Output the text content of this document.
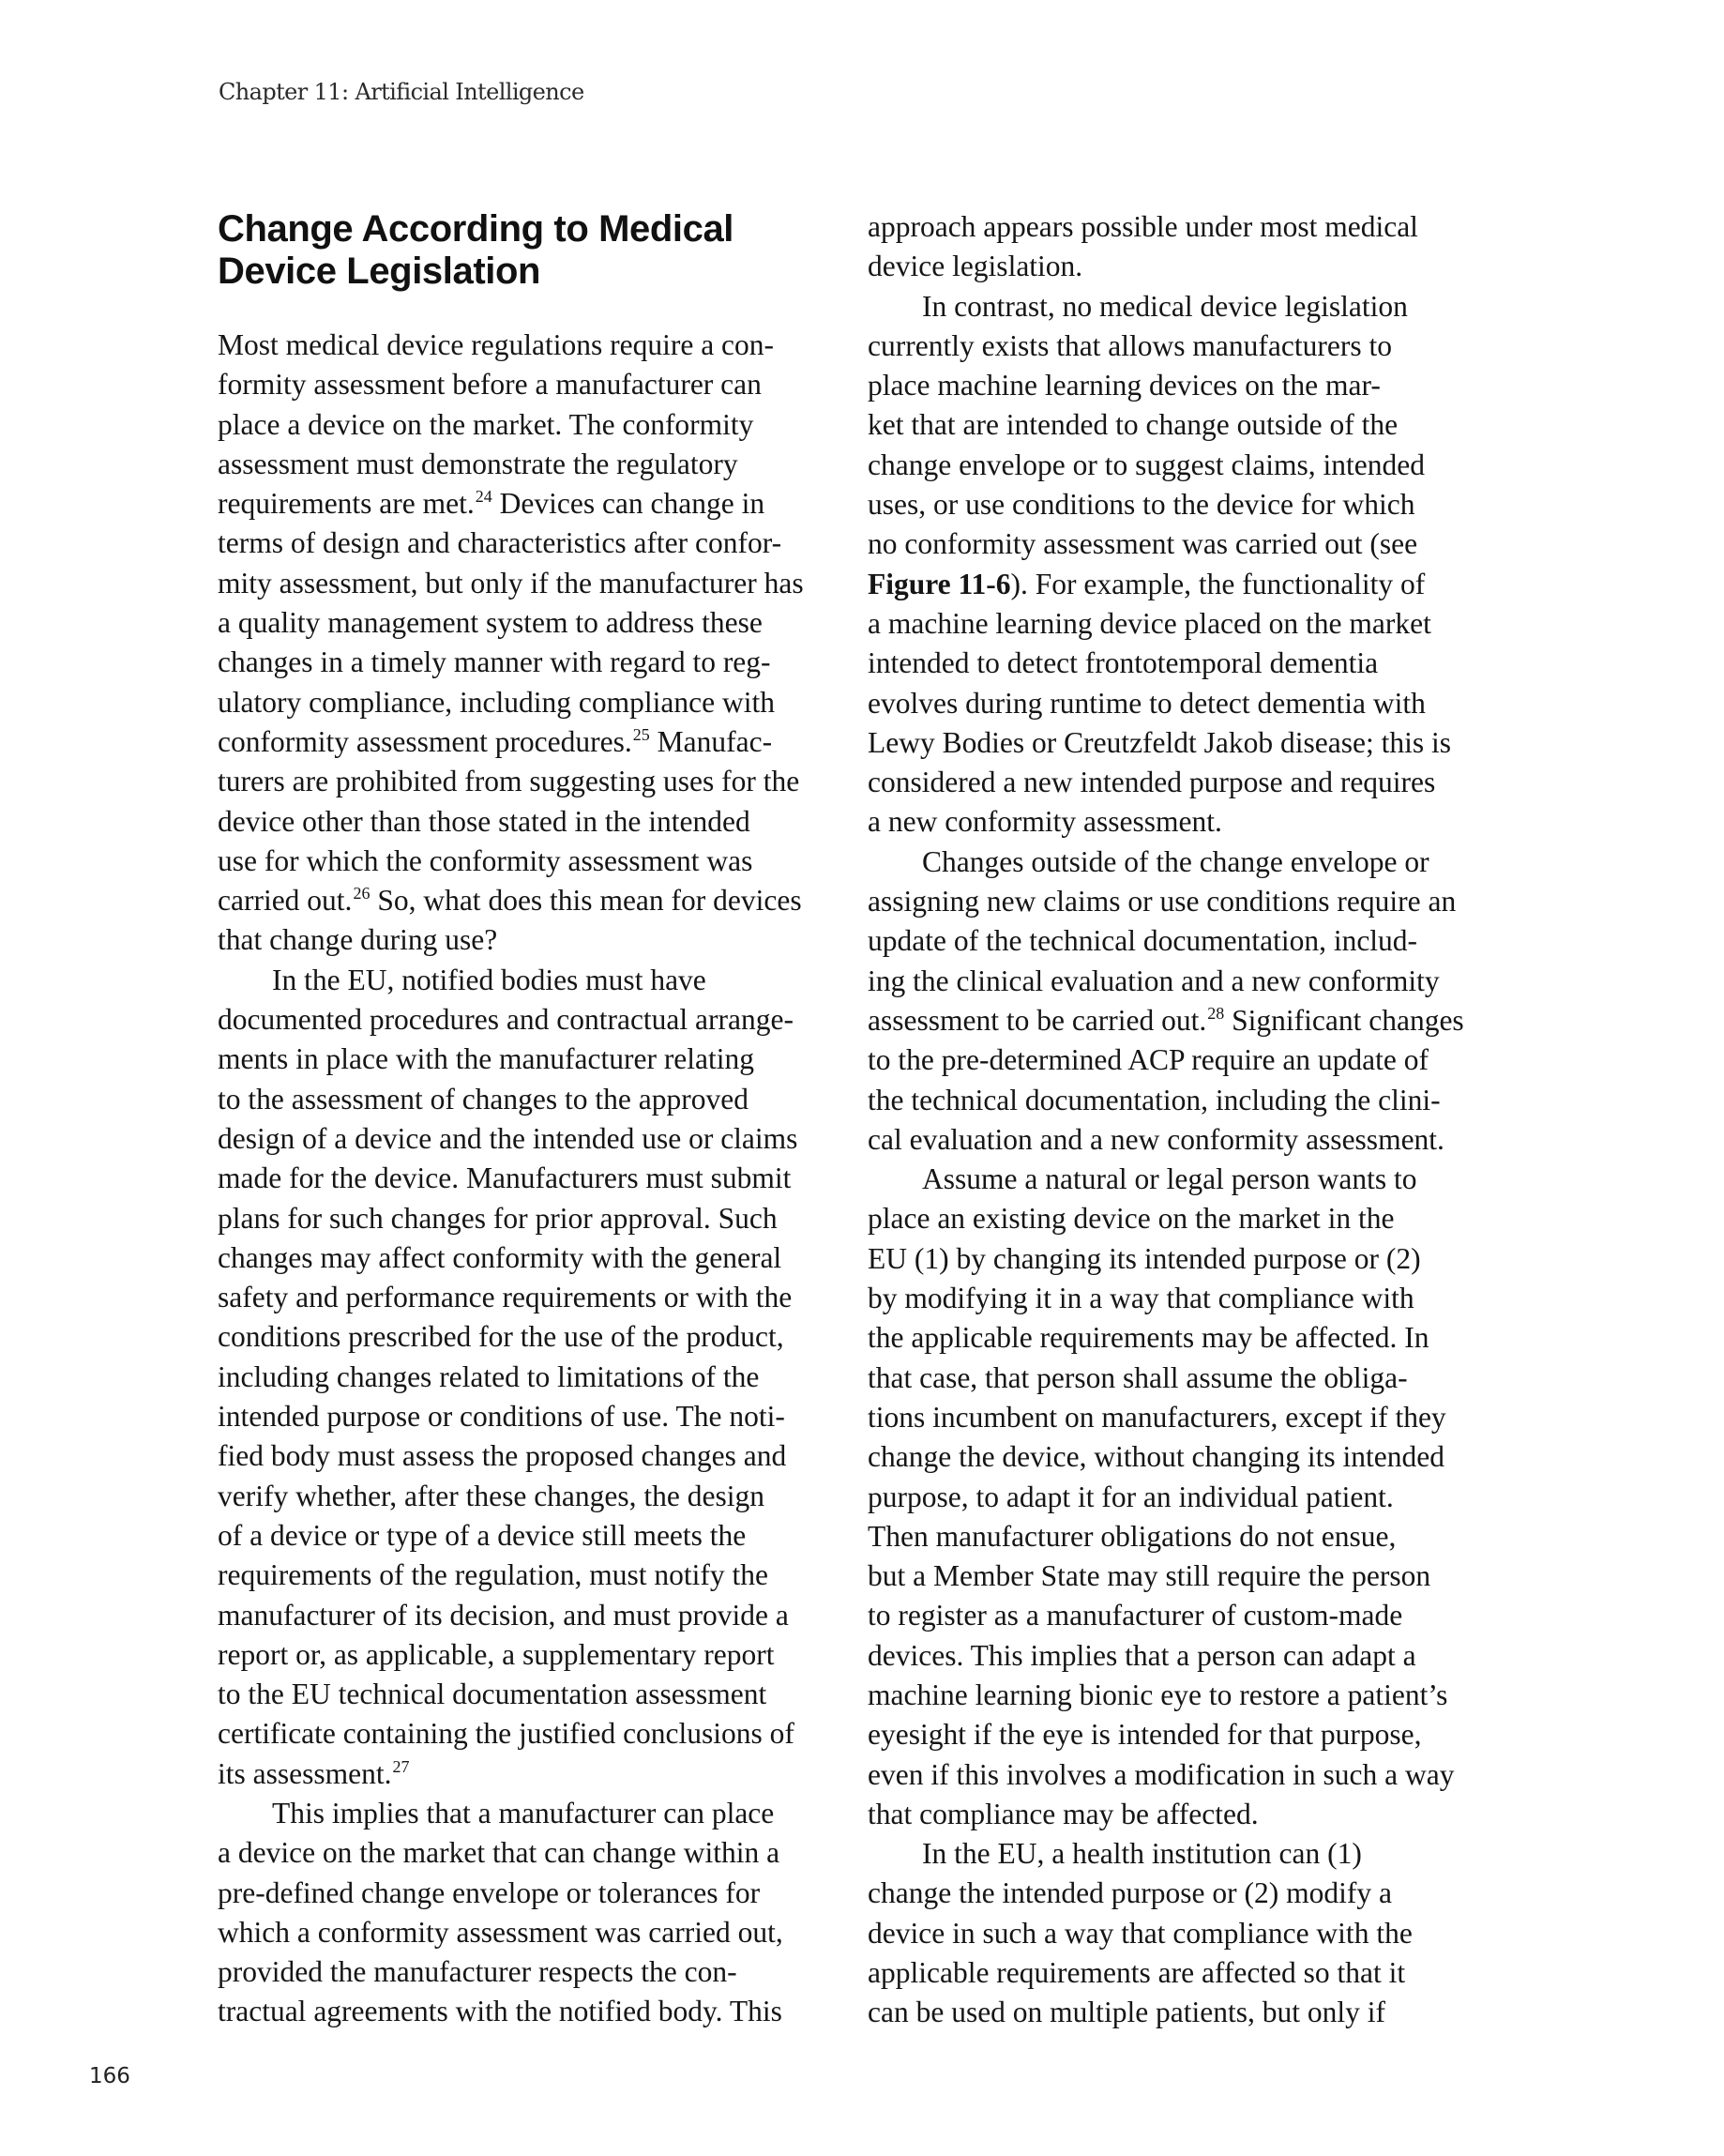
Chapter 11: Artificial Intelligence
Change According to Medical Device Legislation
Most medical device regulations require a con-
formity assessment before a manufacturer can
place a device on the market. The conformity
assessment must demonstrate the regulatory
requirements are met.$^{24}$ Devices can change in
terms of design and characteristics after confor-
mity assessment, but only if the manufacturer has
a quality management system to address these
changes in a timely manner with regard to reg-
ulatory compliance, including compliance with
conformity assessment procedures.$^{25}$ Manufac-
turers are prohibited from suggesting uses for the
device other than those stated in the intended
use for which the conformity assessment was
carried out.$^{26}$ So, what does this mean for devices
that change during use?
In the EU, notified bodies must have
documented procedures and contractual arrange-
ments in place with the manufacturer relating
to the assessment of changes to the approved
design of a device and the intended use or claims
made for the device. Manufacturers must submit
plans for such changes for prior approval. Such
changes may affect conformity with the general
safety and performance requirements or with the
conditions prescribed for the use of the product,
including changes related to limitations of the
intended purpose or conditions of use. The noti-
fied body must assess the proposed changes and
verify whether, after these changes, the design
of a device or type of a device still meets the
requirements of the regulation, must notify the
manufacturer of its decision, and must provide a
report or, as applicable, a supplementary report
to the EU technical documentation assessment
certificate containing the justified conclusions of
its assessment.$^{27}$
This implies that a manufacturer can place
a device on the market that can change within a
pre-defined change envelope or tolerances for
which a conformity assessment was carried out,
provided the manufacturer respects the con-
tractual agreements with the notified body. This
approach appears possible under most medical
device legislation.
In contrast, no medical device legislation
currently exists that allows manufacturers to
place machine learning devices on the mar-
ket that are intended to change outside of the
change envelope or to suggest claims, intended
uses, or use conditions to the device for which
no conformity assessment was carried out (see
Figure 11-6). For example, the functionality of
a machine learning device placed on the market
intended to detect frontotemporal dementia
evolves during runtime to detect dementia with
Lewy Bodies or Creutzfeldt Jakob disease; this is
considered a new intended purpose and requires
a new conformity assessment.
Changes outside of the change envelope or
assigning new claims or use conditions require an
update of the technical documentation, includ-
ing the clinical evaluation and a new conformity
assessment to be carried out.$^{28}$ Significant changes
to the pre-determined ACP require an update of
the technical documentation, including the clini-
cal evaluation and a new conformity assessment.
Assume a natural or legal person wants to
place an existing device on the market in the
EU (1) by changing its intended purpose or (2)
by modifying it in a way that compliance with
the applicable requirements may be affected. In
that case, that person shall assume the obliga-
tions incumbent on manufacturers, except if they
change the device, without changing its intended
purpose, to adapt it for an individual patient.
Then manufacturer obligations do not ensue,
but a Member State may still require the person
to register as a manufacturer of custom-made
devices. This implies that a person can adapt a
machine learning bionic eye to restore a patient’s
eyesight if the eye is intended for that purpose,
even if this involves a modification in such a way
that compliance may be affected.
In the EU, a health institution can (1)
change the intended purpose or (2) modify a
device in such a way that compliance with the
applicable requirements are affected so that it
can be used on multiple patients, but only if
166
